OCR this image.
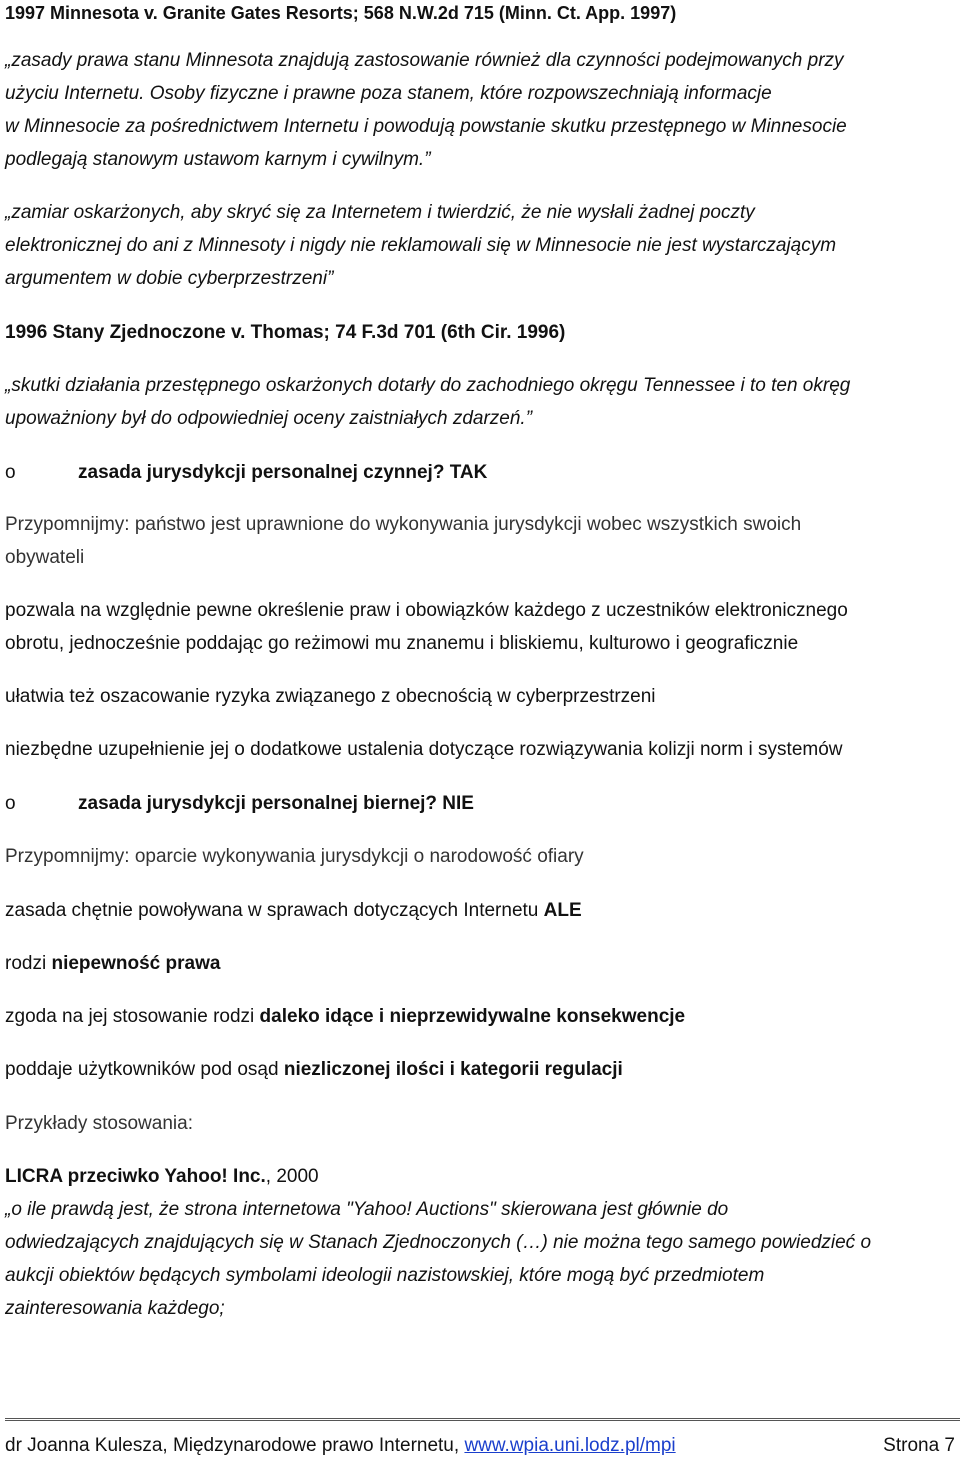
1997 Minnesota v. Granite Gates Resorts; 568 N.W.2d 715 (Minn. Ct. App. 1997)
„zasady prawa stanu Minnesota znajdują zastosowanie również dla czynności podejmowanych przy
użyciu Internetu. Osoby fizyczne i prawne poza stanem, które rozpowszechniają informacje
w Minnesocie za pośrednictwem Internetu i powodują powstanie skutku przestępnego w Minnesocie
podlegają stanowym ustawom karnym i cywilnym.”
„zamiar oskarżonych, aby skryć się za Internetem i twierdzić, że nie wysłali żadnej poczty
elektronicznej do ani z Minnesoty i nigdy nie reklamowali się w Minnesocie nie jest wystarczającym
argumentem w dobie cyberprzestrzeni”
1996 Stany Zjednoczone v. Thomas; 74 F.3d 701 (6th Cir. 1996)
„skutki działania przestępnego oskarżonych dotarły do zachodniego okręgu Tennessee i to ten okręg
upoważniony był do odpowiedniej oceny zaistniałych zdarzeń.”
o	zasada jurysdykcji personalnej czynnej? TAK
Przypomnijmy: państwo jest uprawnione do wykonywania jurysdykcji wobec wszystkich swoich
obywateli
pozwala na względnie pewne określenie praw i obowiązków każdego z uczestników elektronicznego
obrotu, jednocześnie poddając go reżimowi mu znanemu i bliskiemu, kulturowo i geograficznie
ułatwia też oszacowanie ryzyka związanego z obecnością w cyberprzestrzeni
niezbędne uzupełnienie jej o dodatkowe ustalenia dotyczące rozwiązywania kolizji norm i systemów
o	zasada jurysdykcji personalnej biernej? NIE
Przypomnijmy: oparcie wykonywania jurysdykcji o narodowość ofiary
zasada chętnie powoływana w sprawach dotyczących Internetu ALE
rodzi niepewność prawa
zgoda na jej stosowanie rodzi daleko idące i nieprzewidywalne konsekwencje
poddaje użytkowników pod osąd niezliczonej ilości i kategorii regulacji
Przykłady stosowania:
LICRA przeciwko Yahoo! Inc., 2000
„o ile prawdą jest, że strona internetowa "Yahoo! Auctions" skierowana jest głównie do
odwiedzających znajdujących się w Stanach Zjednoczonych (…) nie można tego samego powiedzieć o
aukcji obiektów będących symbolami ideologii nazistowskiej, które mogą być przedmiotem
zainteresowania każdego;
dr Joanna Kulesza, Międzynarodowe prawo Internetu, www.wpia.uni.lodz.pl/mpi	Strona 7
